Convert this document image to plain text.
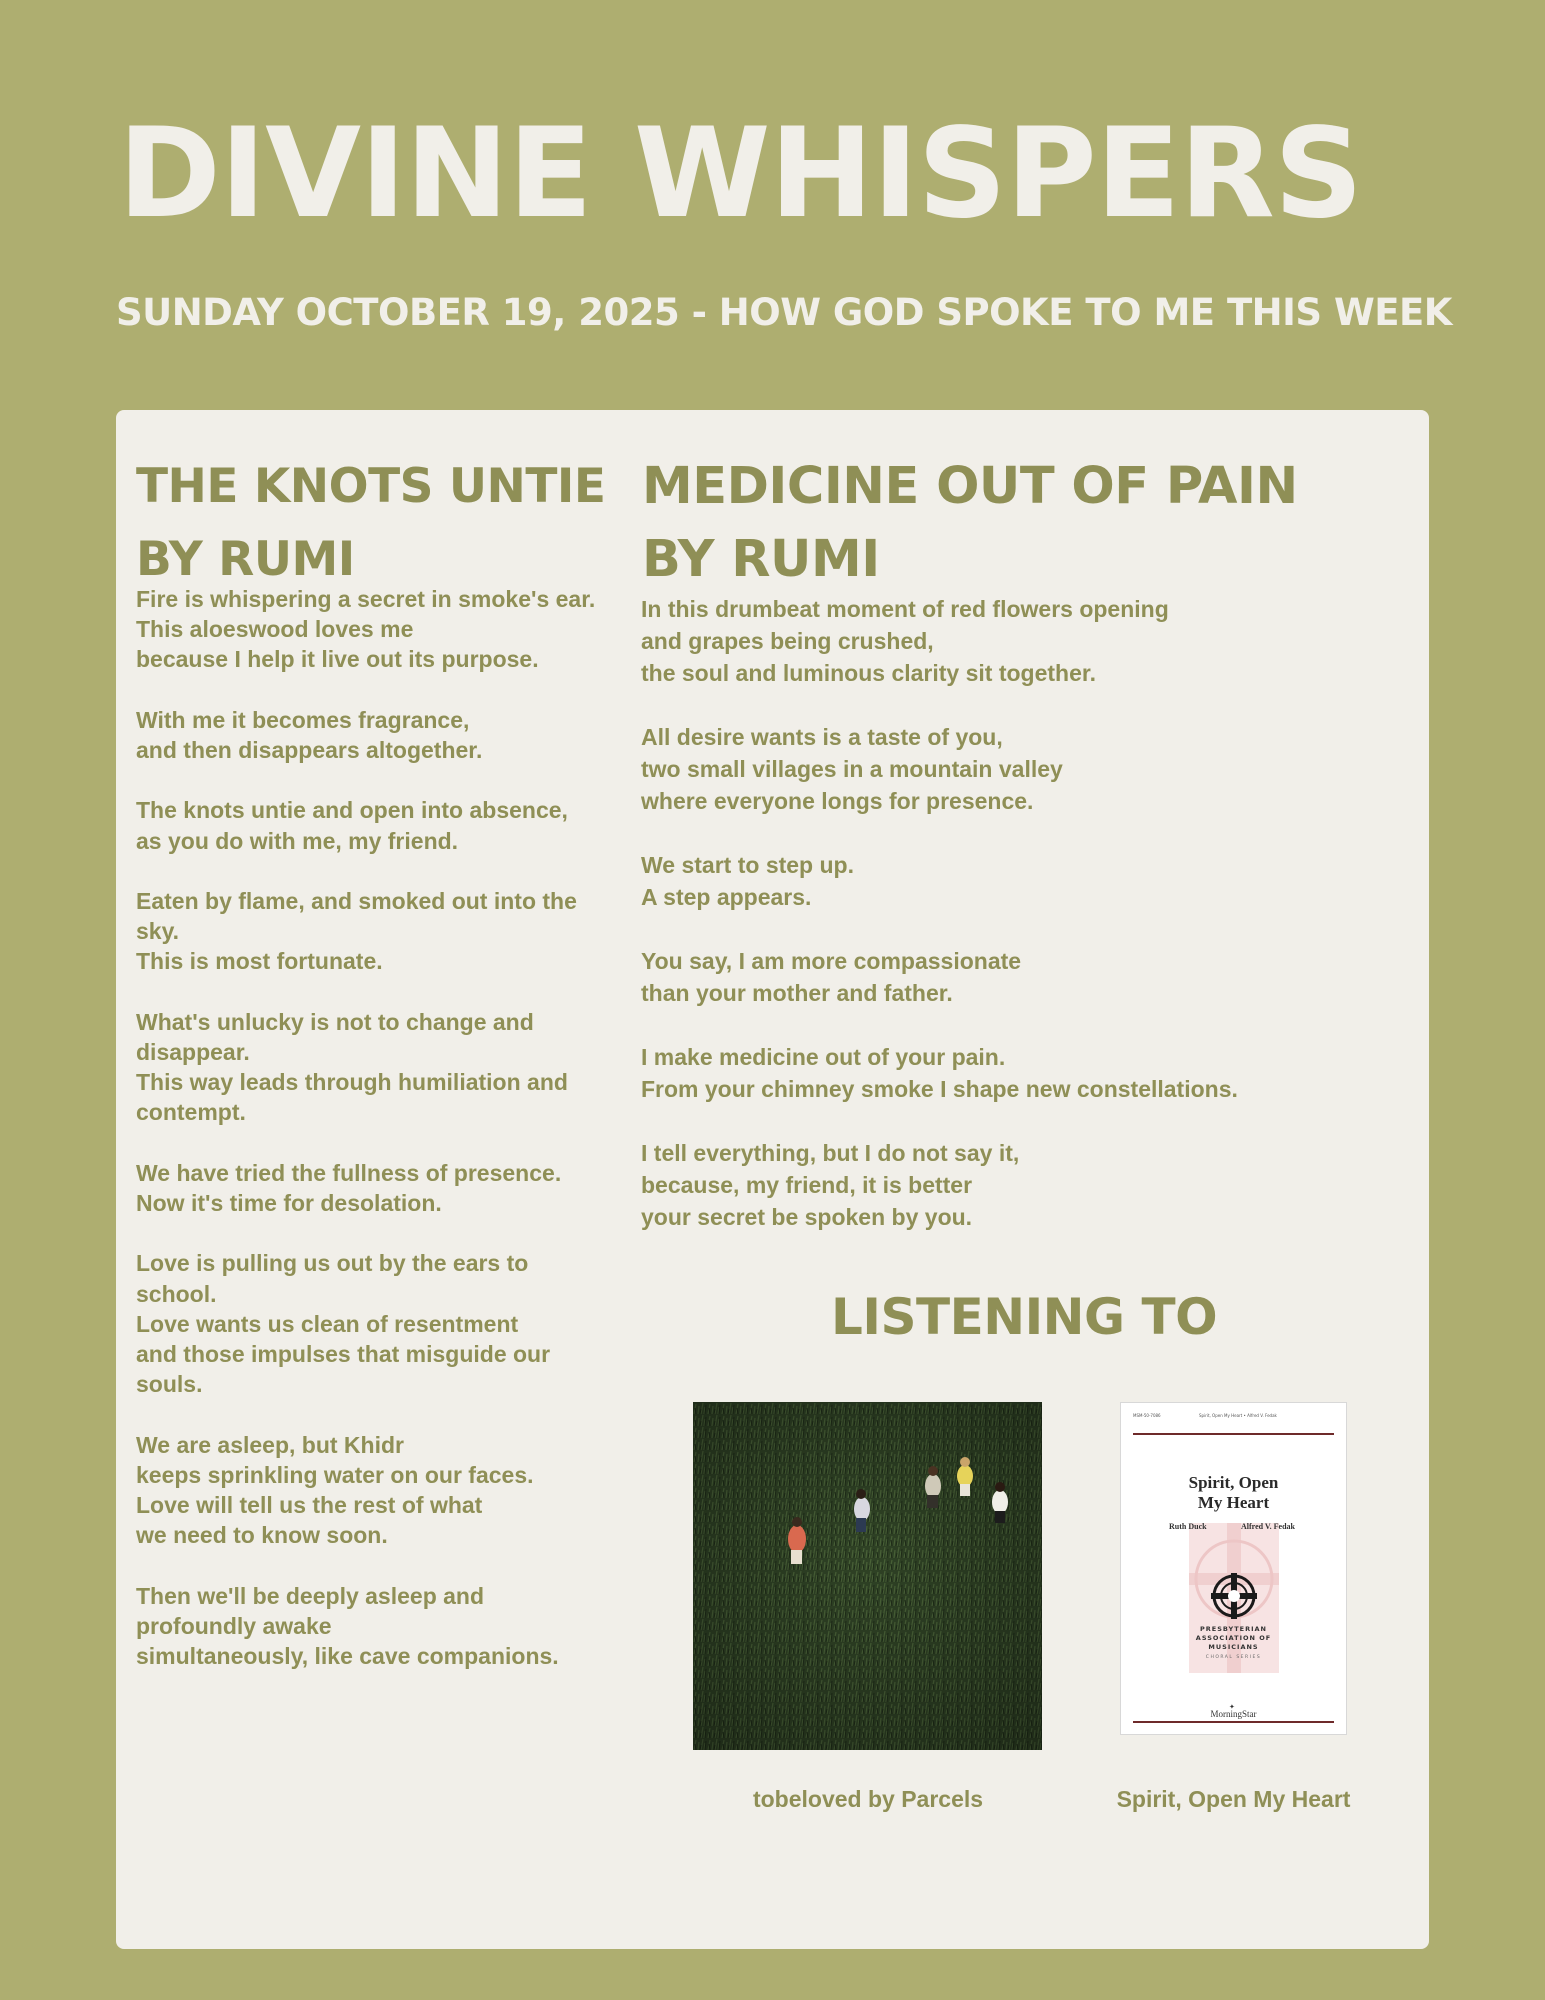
DIVINE WHISPERS
SUNDAY OCTOBER 19, 2025 - HOW GOD SPOKE TO ME THIS WEEK
THE KNOTS UNTIE
BY RUMI

Fire is whispering a secret in smoke's ear.
This aloeswood loves me
because I help it live out its purpose.

With me it becomes fragrance,
and then disappears altogether.

The knots untie and open into absence,
as you do with me, my friend.

Eaten by flame, and smoked out into the sky.
This is most fortunate.

What's unlucky is not to change and disappear.
This way leads through humiliation and contempt.

We have tried the fullness of presence.
Now it's time for desolation.

Love is pulling us out by the ears to school.
Love wants us clean of resentment
and those impulses that misguide our souls.

We are asleep, but Khidr
keeps sprinkling water on our faces.
Love will tell us the rest of what
we need to know soon.

Then we'll be deeply asleep and profoundly awake
simultaneously, like cave companions.

MEDICINE OUT OF PAIN
BY RUMI

In this drumbeat moment of red flowers opening
and grapes being crushed,
the soul and luminous clarity sit together.

All desire wants is a taste of you,
two small villages in a mountain valley
where everyone longs for presence.

We start to step up.
A step appears.

You say, I am more compassionate
than your mother and father.

I make medicine out of your pain.
From your chimney smoke I shape new constellations.

I tell everything, but I do not say it,
because, my friend, it is better
your secret be spoken by you.

LISTENING TO
MSM-50-7086	Spirit, Open My Heart • Alfred V. Fedak

Spirit, Open
My Heart

Ruth Duck	Alfred V. Fedak
PRESBYTERIAN
ASSOCIATION OF
MUSICIANS
CHORAL SERIES
✦
MorningStar

tobeloved by Parcels	Spirit, Open My Heart
